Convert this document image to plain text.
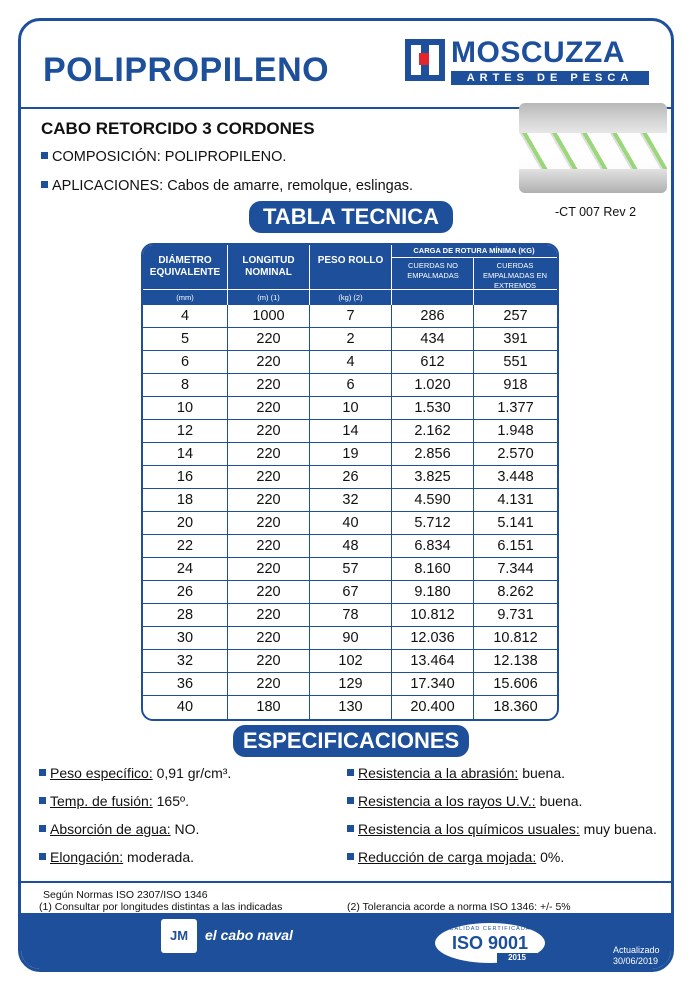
POLIPROPILENO	MOSCUZZA
ARTES DE PESCA
CABO RETORCIDO 3 CORDONES
COMPOSICIÓN: POLIPROPILENO.
APLICACIONES: Cabos de amarre, remolque, eslingas.
-CT 007 Rev 2
TABLA TECNICA
DIÁMETRO EQUIVALENTE
(mm)
LONGITUD NOMINAL
(m) (1)
PESO ROLLO
(kg) (2)
CARGA DE ROTURA MÍNIMA (KG)
CUERDAS NO EMPALMADAS
CUERDAS EMPALMADAS EN EXTREMOS
4	1000	7	286	257
5	220	2	434	391
6	220	4	612	551
8	220	6	1.020	918
10	220	10	1.530	1.377
12	220	14	2.162	1.948
14	220	19	2.856	2.570
16	220	26	3.825	3.448
18	220	32	4.590	4.131
20	220	40	5.712	5.141
22	220	48	6.834	6.151
24	220	57	8.160	7.344
26	220	67	9.180	8.262
28	220	78	10.812	9.731
30	220	90	12.036	10.812
32	220	102	13.464	12.138
36	220	129	17.340	15.606
40	180	130	20.400	18.360
ESPECIFICACIONES
Según Normas ISO 2307/ISO 1346
(1) Consultar por longitudes distintas a las indicadas	(2) Tolerancia acorde a norma ISO 1346: +/- 5%
JM	el cabo naval	CALIDAD CERTIFICADA
ISO 9001
2015
Actualizado
30/06/2019
Peso específico: 0,91 gr/cm³.
Temp. de fusión: 165º.
Absorción de agua: NO.
Elongación: moderada.
Resistencia a la abrasión: buena.
Resistencia a los rayos U.V.: buena.
Resistencia a los químicos usuales: muy buena.
Reducción de carga mojada: 0%.
